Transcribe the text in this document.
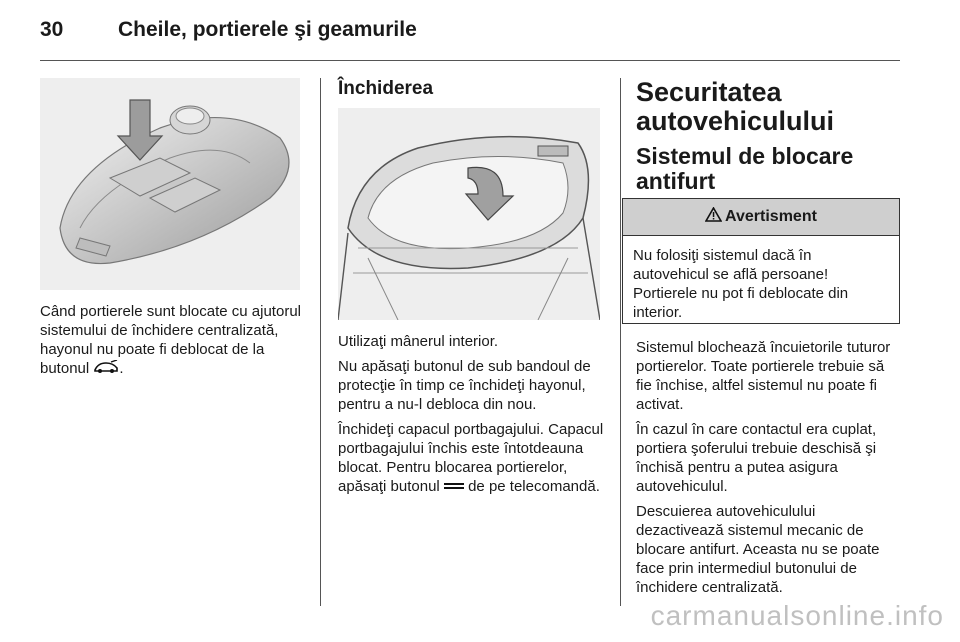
30	Cheile, portierele şi geamurile

Când portierele sunt blocate cu ajutorul sistemului de închidere centralizată, hayonul nu poate fi deblocat de la butonul .

Închiderea

Utilizaţi mânerul interior.

Nu apăsaţi butonul de sub bandoul de protecţie în timp ce închideţi hayonul, pentru a nu-l debloca din nou.

Închideţi capacul portbagajului. Capacul portbagajului închis este întotdeauna blocat. Pentru blocarea portierelor, apăsaţi butonul de pe telecomandă.

Securitatea autovehiculului
Sistemul de blocare antifurt
Avertisment
Nu folosiţi sistemul dacă în autovehicul se află persoane! Portierele nu pot fi deblocate din interior.

Sistemul blochează încuietorile tuturor portierelor. Toate portierele trebuie să fie închise, altfel sistemul nu poate fi activat.

În cazul în care contactul era cuplat, portiera şoferului trebuie deschisă şi închisă pentru a putea asigura autovehiculul.

Descuierea autovehiculului dezactivează sistemul mecanic de blocare antifurt. Aceasta nu se poate face prin intermediul butonului de închidere centralizată.

carmanualsonline.info
